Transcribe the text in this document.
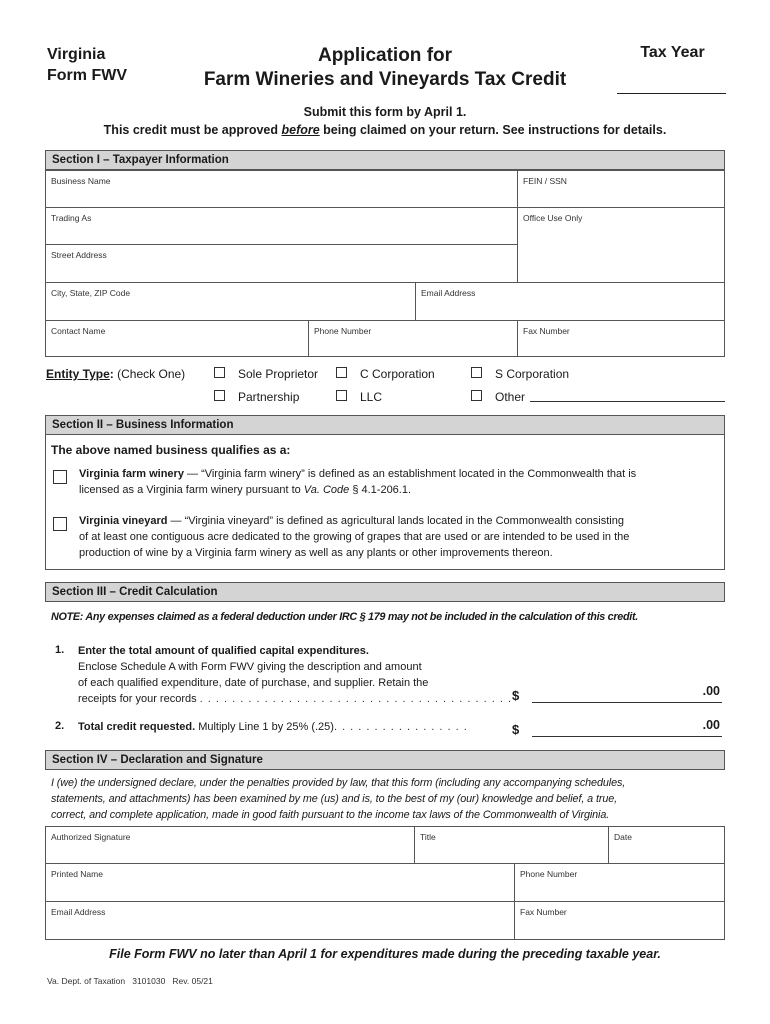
Virginia
Form FWV
Application for
Farm Wineries and Vineyards Tax Credit
Tax Year
Submit this form by April 1.
This credit must be approved before being claimed on your return. See instructions for details.
Section I – Taxpayer Information
Business Name	FEIN / SSN
Trading As	Office Use Only
Street Address
City, State, ZIP Code	Email Address
Contact Name	Phone Number	Fax Number
Entity Type: (Check One)	Sole Proprietor	C Corporation	S Corporation
Partnership	LLC	Other
Section II – Business Information
The above named business qualifies as a:
Virginia farm winery — “Virginia farm winery” is defined as an establishment located in the Commonwealth that is
licensed as a Virginia farm winery pursuant to Va. Code § 4.1-206.1.
Virginia vineyard — “Virginia vineyard” is defined as agricultural lands located in the Commonwealth consisting
of at least one contiguous acre dedicated to the growing of grapes that are used or are intended to be used in the
production of wine by a Virginia farm winery as well as any plants or other improvements thereon.
Section III – Credit Calculation
NOTE: Any expenses claimed as a federal deduction under IRC § 179 may not be included in the calculation of this credit.
1. Enter the total amount of qualified capital expenditures.
Enclose Schedule A with Form FWV giving the description and amount
of each qualified expenditure, date of purchase, and supplier. Retain the
receipts for your records . . . . . . . . . . . . . . . . . . . . . . . . . . . . . . . . . . . . . . . $	.00
2. Total credit requested. Multiply Line 1 by 25% (.25). . . . . . . . . . . . . . . . .	$	.00
Section IV – Declaration and Signature
I (we) the undersigned declare, under the penalties provided by law, that this form (including any accompanying schedules,
statements, and attachments) has been examined by me (us) and is, to the best of my (our) knowledge and belief, a true,
correct, and complete application, made in good faith pursuant to the income tax laws of the Commonwealth of Virginia.
Authorized Signature	Title	Date
Printed Name	Phone Number
Email Address	Fax Number
File Form FWV no later than April 1 for expenditures made during the preceding taxable year.
Va. Dept. of Taxation 3101030 Rev. 05/21
